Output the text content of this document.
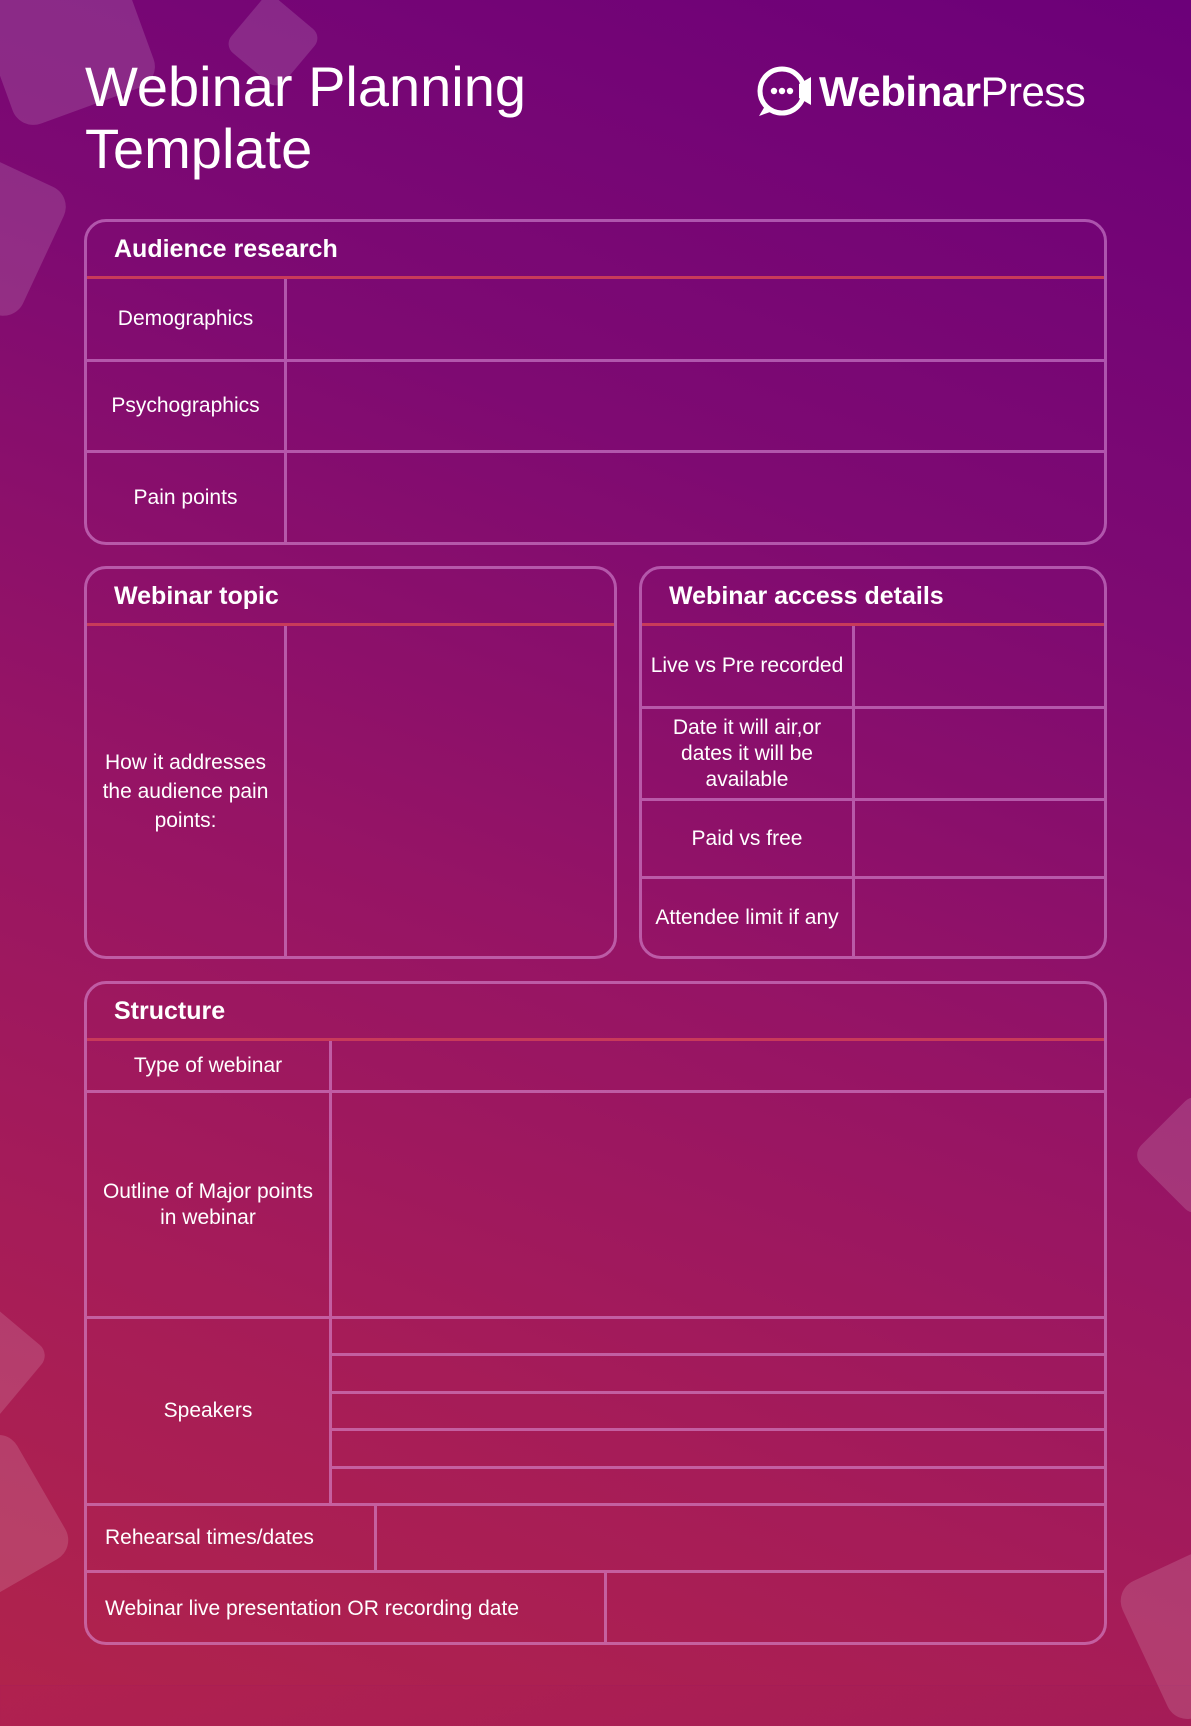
Webinar Planning Template
WebinarPress
Audience research
Demographics
Psychographics
Pain points
Webinar topic
How it addresses the audience pain points:
Webinar access details
Live vs Pre recorded
Date it will air,or dates it will be available
Paid vs free
Attendee limit if any
Structure
Type of webinar
Outline of Major points in webinar
Speakers
Rehearsal times/dates
Webinar live presentation OR recording date
